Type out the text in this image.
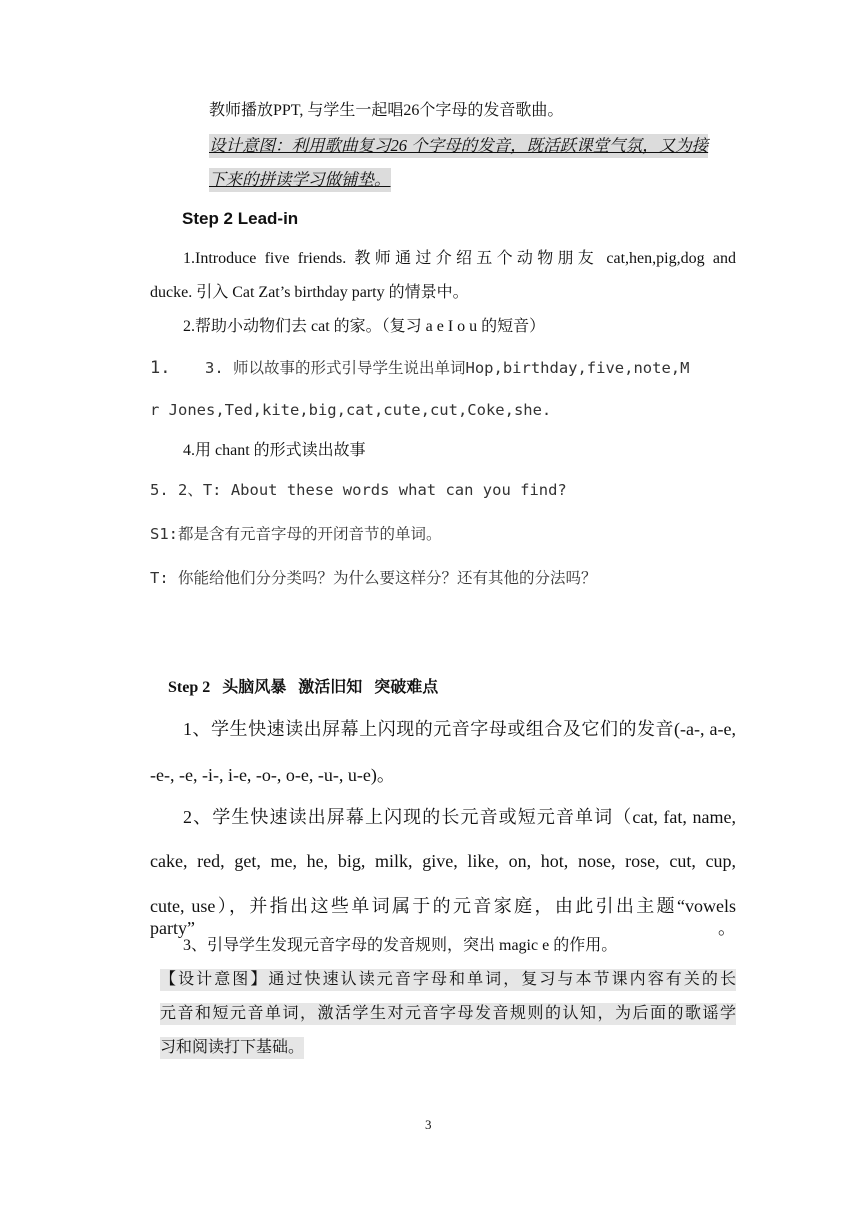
教师播放PPT, 与学生一起唱26个字母的发音歌曲。
设计意图：利用歌曲复习26 个字母的发音，既活跃课堂气氛，又为接
下来的拼读学习做铺垫。
Step 2 Lead-in
1.Introduce five friends. 教师通过介绍五个动物朋友 cat,hen,pig,dog and
ducke. 引入 Cat Zat’s birthday party 的情景中。
2.帮助小动物们去 cat 的家。（复习 a e I o u 的短音）
1. 3. 师以故事的形式引导学生说出单词Hop,birthday,five,note,M
r Jones,Ted,kite,big,cat,cute,cut,Coke,she.
4.用 chant 的形式读出故事
5. 2、T: About these words what can you find?
S1:都是含有元音字母的开闭音节的单词。
T: 你能给他们分分类吗？为什么要这样分？还有其他的分法吗？
Step 2   头脑风暴   激活旧知   突破难点
1、学生快速读出屏幕上闪现的元音字母或组合及它们的发音(-a-, a-e,
-e-, -e, -i-, i-e, -o-, o-e, -u-, u-e)。
2、学生快速读出屏幕上闪现的长元音或短元音单词（cat, fat, name,
cake, red, get, me, he, big, milk, give, like, on, hot, nose, rose, cut, cup,
cute, use），并指出这些单词属于的元音家庭，由此引出主题“vowels party”。
3、引导学生发现元音字母的发音规则，突出 magic e 的作用。
【设计意图】通过快速认读元音字母和单词，复习与本节课内容有关的长
元音和短元音单词，激活学生对元音字母发音规则的认知，为后面的歌谣学
习和阅读打下基础。
3
